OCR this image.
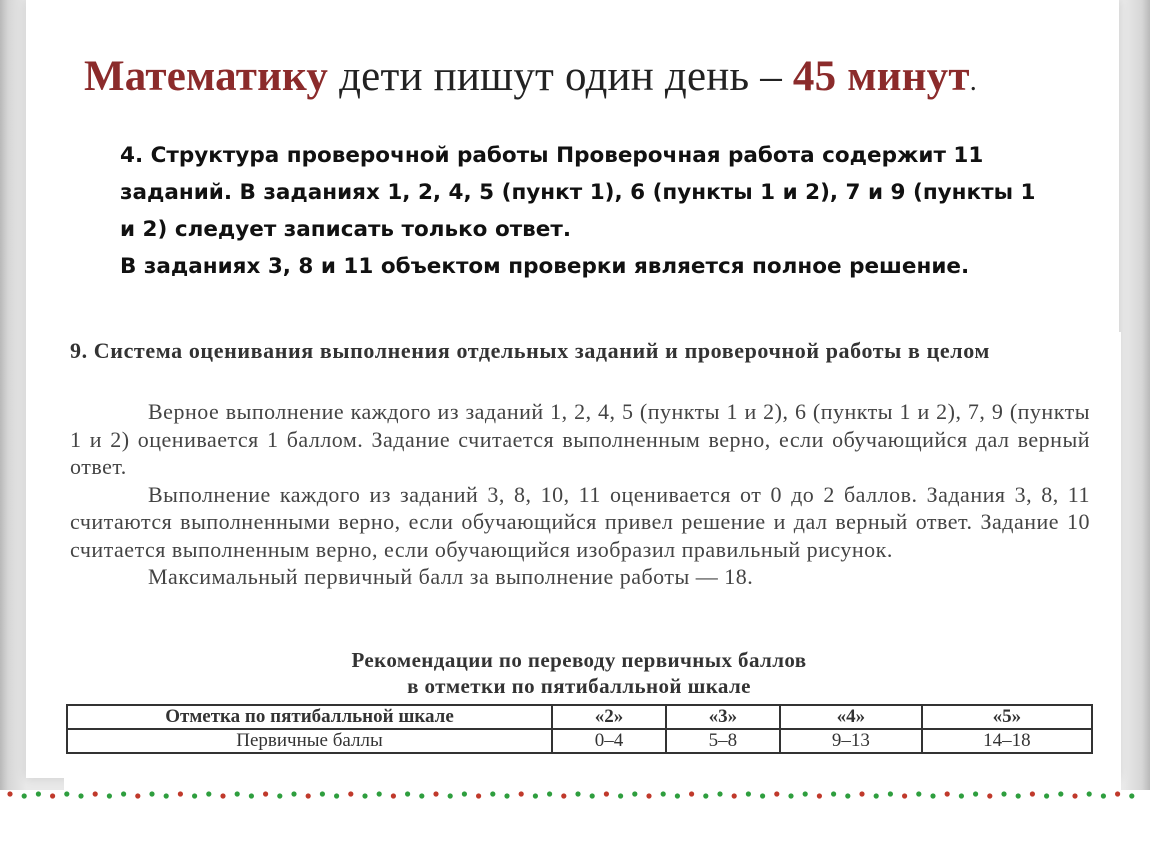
Математику дети пишут один день – 45 минут.

4. Структура проверочной работы Проверочная работа содержит 11 заданий. В заданиях 1, 2, 4, 5 (пункт 1), 6 (пункты 1 и 2), 7 и 9 (пункты 1 и 2) следует записать только ответ.

В заданиях 3, 8 и 11 объектом проверки является полное решение.

9. Система оценивания выполнения отдельных заданий и проверочной работы в целом

Верное выполнение каждого из заданий 1, 2, 4, 5 (пункты 1 и 2), 6 (пункты 1 и 2), 7, 9 (пункты 1 и 2) оценивается 1 баллом. Задание считается выполненным верно, если обучающийся дал верный ответ.

Выполнение каждого из заданий 3, 8, 10, 11 оценивается от 0 до 2 баллов. Задания 3, 8, 11 считаются выполненными верно, если обучающийся привел решение и дал верный ответ. Задание 10 считается выполненным верно, если обучающийся изобразил правильный рисунок.

Максимальный первичный балл за выполнение работы — 18.

Рекомендации по переводу первичных баллов
в отметки по пятибалльной шкале
Отметка по пятибалльной шкале	«2»	«3»	«4»	«5»
Первичные баллы	0–4	5–8	9–13	14–18
